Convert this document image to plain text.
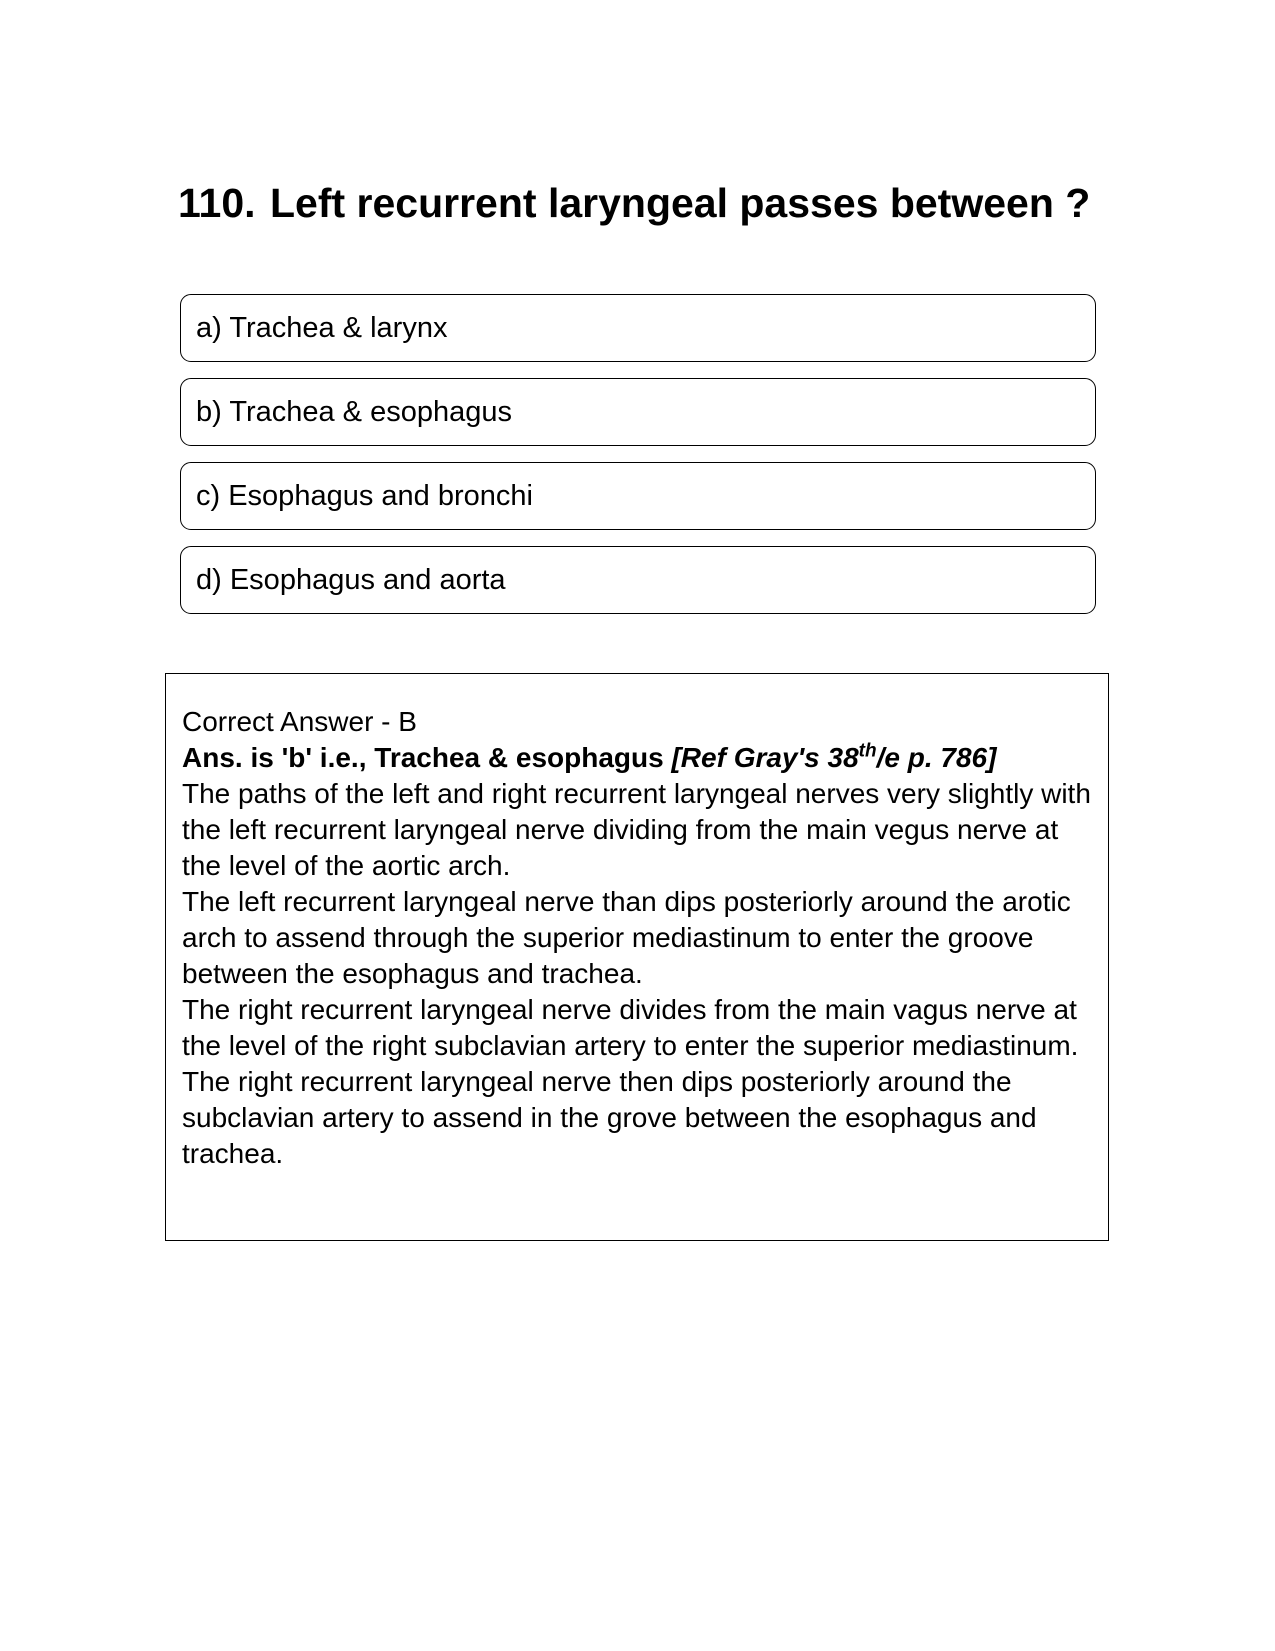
110. Left recurrent laryngeal passes between ?
a) Trachea & larynx
b) Trachea & esophagus
c) Esophagus and bronchi
d) Esophagus and aorta

Correct Answer - B

Ans. is 'b' i.e., Trachea & esophagus [Ref Gray's 38th/e p. 786]

The paths of the left and right recurrent laryngeal nerves very slightly with the left recurrent laryngeal nerve dividing from the main vegus nerve at the level of the aortic arch.

The left recurrent laryngeal nerve than dips posteriorly around the arotic arch to assend through the superior mediastinum to enter the groove between the esophagus and trachea.

The right recurrent laryngeal nerve divides from the main vagus nerve at the level of the right subclavian artery to enter the superior mediastinum.

The right recurrent laryngeal nerve then dips posteriorly around the subclavian artery to assend in the grove between the esophagus and trachea.
